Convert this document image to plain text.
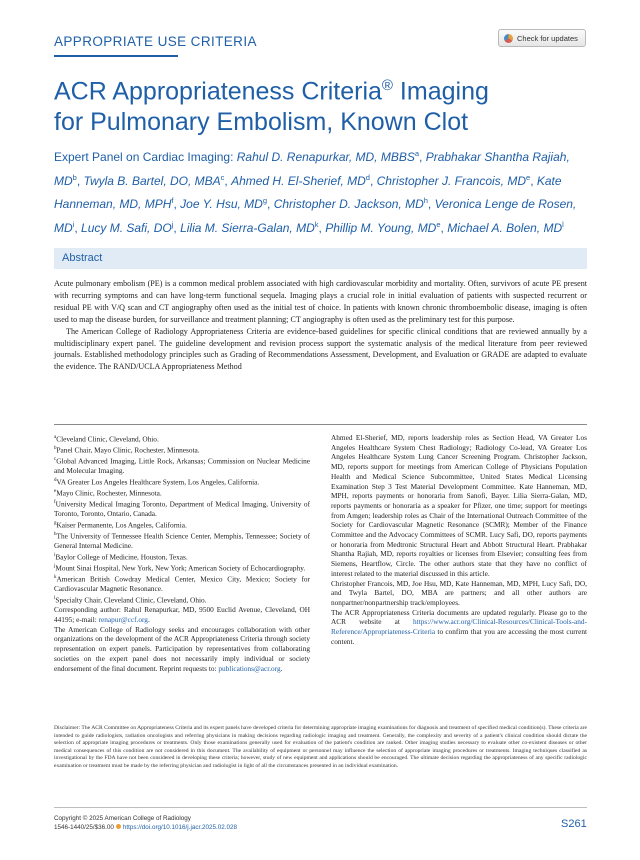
APPROPRIATE USE CRITERIA	Check for updates
ACR Appropriateness Criteria® Imaging
for Pulmonary Embolism, Known Clot
Expert Panel on Cardiac Imaging: Rahul D. Renapurkar, MD, MBBS$^a$, Prabhakar Shantha Rajiah, $MD^b$, Twyla B. Bartel, DO, MBA$^c$, Ahmed H. El-Sherief, $MD^d$, Christopher J. Francois, MDe, Kate Hanneman, MD, MPH$^f$, Joe Y. Hsu, $MD^g$, Christopher D. Jackson, $MD^h$, Veronica Lenge de Rosen, $MD^i$, Lucy M. Safi, $DO^j$, Lilia M. Sierra-Galan, $MD^k$, Phillip M. Young, MDe, Michael A. Bolen, $MD^l$
Abstract

Acute pulmonary embolism (PE) is a common medical problem associated with high cardiovascular morbidity and mortality. Often, survivors of acute PE present with recurring symptoms and can have long-term functional sequela. Imaging plays a crucial role in initial evaluation of patients with suspected recurrent or residual PE with V/Q scan and CT angiography often used as the initial test of choice. In patients with known chronic thromboembolic disease, imaging is often used to map the disease burden, for surveillance and treatment planning; CT angiography is often used as the preliminary test for this purpose.

The American College of Radiology Appropriateness Criteria are evidence-based guidelines for specific clinical conditions that are reviewed annually by a multidisciplinary expert panel. The guideline development and revision process support the systematic analysis of the medical literature from peer reviewed journals. Established methodology principles such as Grading of Recommendations Assessment, Development, and Evaluation or GRADE are adapted to evaluate the evidence. The RAND/UCLA Appropriateness Method

$^a$Cleveland Clinic, Cleveland, Ohio.

$^b$Panel Chair, Mayo Clinic, Rochester, Minnesota.

$^c$Global Advanced Imaging, Little Rock, Arkansas; Commission on Nuclear Medicine and Molecular Imaging.

$^d$VA Greater Los Angeles Healthcare System, Los Angeles, California.

$^e$Mayo Clinic, Rochester, Minnesota.

$^f$University Medical Imaging Toronto, Department of Medical Imaging, University of Toronto, Toronto, Ontario, Canada.

$^g$Kaiser Permanente, Los Angeles, California.

$^h$The University of Tennessee Health Science Center, Memphis, Tennessee; Society of General Internal Medicine.

$^i$Baylor College of Medicine, Houston, Texas.

$^j$Mount Sinai Hospital, New York, New York; American Society of Echocardiography.

$^k$American British Cowdray Medical Center, Mexico City, Mexico; Society for Cardiovascular Magnetic Resonance.

$^l$Specialty Chair, Cleveland Clinic, Cleveland, Ohio.

Corresponding author: Rahul Renapurkar, MD, 9500 Euclid Avenue, Cleveland, OH 44195; e-mail: renapur@ccf.org.

The American College of Radiology seeks and encourages collaboration with other organizations on the development of the ACR Appropriateness Criteria through society representation on expert panels. Participation by representatives from collaborating societies on the expert panel does not necessarily imply individual or society endorsement of the final document. Reprint requests to: publications@acr.org.

Ahmed El-Sherief, MD, reports leadership roles as Section Head, VA Greater Los Angeles Healthcare System Chest Radiology; Radiology Co-lead, VA Greater Los Angeles Healthcare System Lung Cancer Screening Program. Christopher Jackson, MD, reports support for meetings from American College of Physicians Population Health and Medical Science Subcommittee, United States Medical Licensing Examination Step 3 Test Material Development Committee. Kate Hanneman, MD, MPH, reports payments or honoraria from Sanofi, Bayer. Lilia Sierra-Galan, MD, reports payments or honoraria as a speaker for Pfizer, one time; support for meetings from Amgen; leadership roles as Chair of the International Outreach Committee of the Society for Cardiovascular Magnetic Resonance (SCMR); Member of the Finance Committee and the Advocacy Committees of SCMR. Lucy Safi, DO, reports payments or honoraria from Medtronic Structural Heart and Abbott Structural Heart. Prabhakar Shantha Rajiah, MD, reports royalties or licenses from Elsevier; consulting fees from Siemens, Heartflow, Circle. The other authors state that they have no conflict of interest related to the material discussed in this article.

Christopher Francois, MD, Joe Hsu, MD, Kate Hanneman, MD, MPH, Lucy Safi, DO, and Twyla Bartel, DO, MBA are partners; and all other authors are nonpartner/nonpartnership track/employees.

The ACR Appropriateness Criteria documents are updated regularly. Please go to the ACR website at https://www.acr.org/Clinical-Resources/Clinical-Tools-and-Reference/Appropriateness-Criteria to confirm that you are accessing the most current content.

Disclaimer: The ACR Committee on Appropriateness Criteria and its expert panels have developed criteria for determining appropriate imaging examinations for diagnosis and treatment of specified medical condition(s). These criteria are intended to guide radiologists, radiation oncologists and referring physicians in making decisions regarding radiologic imaging and treatment. Generally, the complexity and severity of a patient's clinical condition should dictate the selection of appropriate imaging procedures or treatments. Only those examinations generally used for evaluation of the patient's condition are ranked. Other imaging studies necessary to evaluate other co-existent diseases or other medical consequences of this condition are not considered in this document. The availability of equipment or personnel may influence the selection of appropriate imaging procedures or treatments. Imaging techniques classified as investigational by the FDA have not been considered in developing these criteria; however, study of new equipment and applications should be encouraged. The ultimate decision regarding the appropriateness of any specific radiologic examination or treatment must be made by the referring physician and radiologist in light of all the circumstances presented in an individual examination.
Copyright © 2025 American College of Radiology
1546-1440/25/$36.00 https://doi.org/10.1016/j.jacr.2025.02.028	S261
